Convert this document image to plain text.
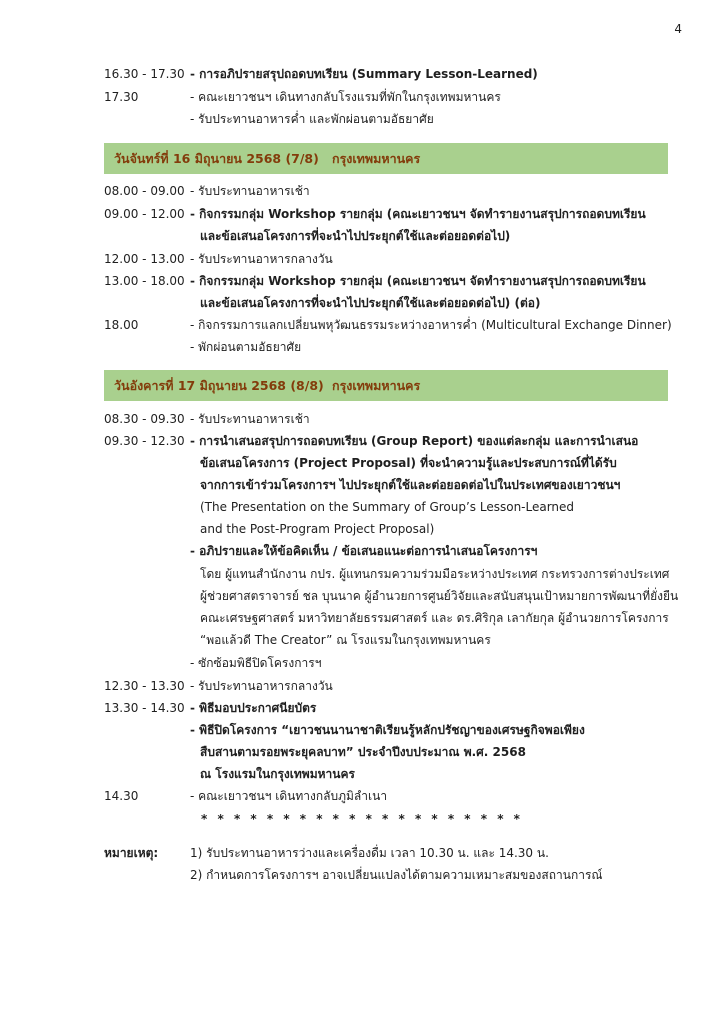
4
16.30 - 17.30 - การอภิปรายสรุปถอดบทเรียน (Summary Lesson-Learned)
17.30	- คณะเยาวชนฯ เดินทางกลับโรงแรมที่พักในกรุงเทพมหานคร
- รับประทานอาหารค่ำ และพักผ่อนตามอัธยาศัย
วันจันทร์ที่ 16 มิถุนายน 2568 (7/8) กรุงเทพมหานคร
08.00 - 09.00 - รับประทานอาหารเช้า
09.00 - 12.00 - กิจกรรมกลุ่ม Workshop รายกลุ่ม (คณะเยาวชนฯ จัดทำรายงานสรุปการถอดบทเรียน
และข้อเสนอโครงการที่จะนำไปประยุกต์ใช้และต่อยอดต่อไป)
12.00 - 13.00 - รับประทานอาหารกลางวัน
13.00 - 18.00 - กิจกรรมกลุ่ม Workshop รายกลุ่ม (คณะเยาวชนฯ จัดทำรายงานสรุปการถอดบทเรียน
และข้อเสนอโครงการที่จะนำไปประยุกต์ใช้และต่อยอดต่อไป) (ต่อ)
18.00	- กิจกรรมการแลกเปลี่ยนพหุวัฒนธรรมระหว่างอาหารค่ำ (Multicultural Exchange Dinner)
- พักผ่อนตามอัธยาศัย
วันอังคารที่ 17 มิถุนายน 2568 (8/8) กรุงเทพมหานคร
08.30 - 09.30 - รับประทานอาหารเช้า
09.30 - 12.30 - การนำเสนอสรุปการถอดบทเรียน (Group Report) ของแต่ละกลุ่ม และการนำเสนอ
ข้อเสนอโครงการ (Project Proposal) ที่จะนำความรู้และประสบการณ์ที่ได้รับ
จากการเข้าร่วมโครงการฯ ไปประยุกต์ใช้และต่อยอดต่อไปในประเทศของเยาวชนฯ
(The Presentation on the Summary of Group’s Lesson-Learned
and the Post-Program Project Proposal)
- อภิปรายและให้ข้อคิดเห็น / ข้อเสนอแนะต่อการนำเสนอโครงการฯ
โดย ผู้แทนสำนักงาน กปร. ผู้แทนกรมความร่วมมือระหว่างประเทศ กระทรวงการต่างประเทศ
ผู้ช่วยศาสตราจารย์ ชล บุนนาค ผู้อำนวยการศูนย์วิจัยและสนับสนุนเป้าหมายการพัฒนาที่ยั่งยืน
คณะเศรษฐศาสตร์ มหาวิทยาลัยธรรมศาสตร์ และ ดร.ศิริกุล เลากัยกุล ผู้อำนวยการโครงการ
“พอแล้วดี The Creator” ณ โรงแรมในกรุงเทพมหานคร
- ซักซ้อมพิธีปิดโครงการฯ
12.30 - 13.30 - รับประทานอาหารกลางวัน
13.30 - 14.30 - พิธีมอบประกาศนียบัตร
- พิธีปิดโครงการ “เยาวชนนานาชาติเรียนรู้หลักปรัชญาของเศรษฐกิจพอเพียง
สืบสานตามรอยพระยุคลบาท” ประจำปีงบประมาณ พ.ศ. 2568
ณ โรงแรมในกรุงเทพมหานคร
14.30	- คณะเยาวชนฯ เดินทางกลับภูมิลำเนา
* * * * * * * * * * * * * * * * * * * *
หมายเหตุ:	1) รับประทานอาหารว่างและเครื่องดื่ม เวลา 10.30 น. และ 14.30 น.
2) กำหนดการโครงการฯ อาจเปลี่ยนแปลงได้ตามความเหมาะสมของสถานการณ์
